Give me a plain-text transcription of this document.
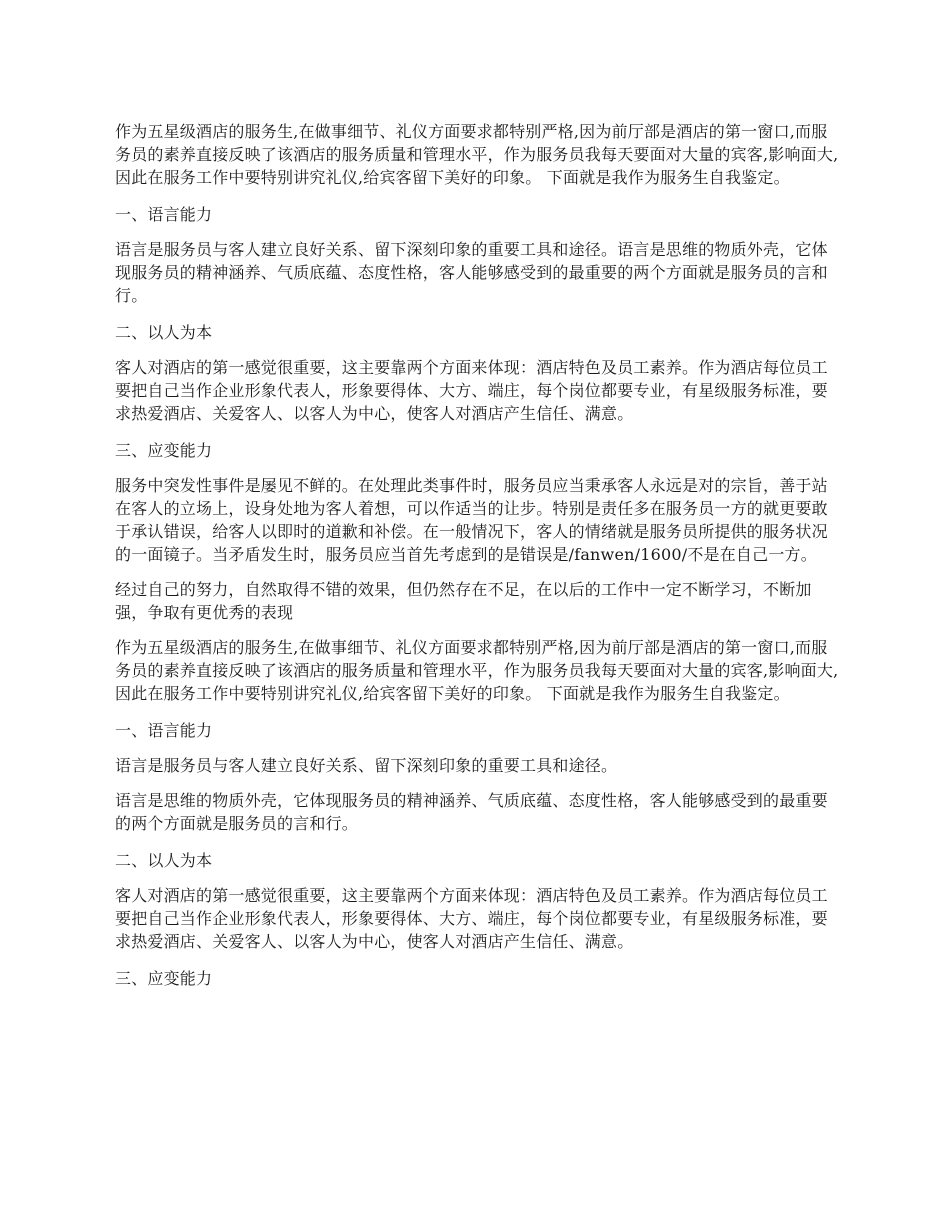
作为五星级酒店的服务生,在做事细节、礼仪方面要求都特别严格,因为前厅部是酒店的第一窗口,而服务员的素养直接反映了该酒店的服务质量和管理水平，作为服务员我每天要面对大量的宾客,影响面大,因此在服务工作中要特别讲究礼仪,给宾客留下美好的印象。 下面就是我作为服务生自我鉴定。

一、语言能力

语言是服务员与客人建立良好关系、留下深刻印象的重要工具和途径。语言是思维的物质外壳，它体现服务员的精神涵养、气质底蕴、态度性格，客人能够感受到的最重要的两个方面就是服务员的言和行。

二、以人为本

客人对酒店的第一感觉很重要，这主要靠两个方面来体现：酒店特色及员工素养。作为酒店每位员工要把自己当作企业形象代表人，形象要得体、大方、端庄，每个岗位都要专业，有星级服务标准，要求热爱酒店、关爱客人、以客人为中心，使客人对酒店产生信任、满意。

三、应变能力

服务中突发性事件是屡见不鲜的。在处理此类事件时，服务员应当秉承客人永远是对的宗旨，善于站在客人的立场上，设身处地为客人着想，可以作适当的让步。特别是责任多在服务员一方的就更要敢于承认错误，给客人以即时的道歉和补偿。在一般情况下，客人的情绪就是服务员所提供的服务状况的一面镜子。当矛盾发生时，服务员应当首先考虑到的是错误是/fanwen/1600/不是在自己一方。

经过自己的努力，自然取得不错的效果，但仍然存在不足，在以后的工作中一定不断学习，不断加强，争取有更优秀的表现

作为五星级酒店的服务生,在做事细节、礼仪方面要求都特别严格,因为前厅部是酒店的第一窗口,而服务员的素养直接反映了该酒店的服务质量和管理水平，作为服务员我每天要面对大量的宾客,影响面大,因此在服务工作中要特别讲究礼仪,给宾客留下美好的印象。 下面就是我作为服务生自我鉴定。

一、语言能力

语言是服务员与客人建立良好关系、留下深刻印象的重要工具和途径。

语言是思维的物质外壳，它体现服务员的精神涵养、气质底蕴、态度性格，客人能够感受到的最重要的两个方面就是服务员的言和行。

二、以人为本

客人对酒店的第一感觉很重要，这主要靠两个方面来体现：酒店特色及员工素养。作为酒店每位员工要把自己当作企业形象代表人，形象要得体、大方、端庄，每个岗位都要专业，有星级服务标准，要求热爱酒店、关爱客人、以客人为中心，使客人对酒店产生信任、满意。

三、应变能力
